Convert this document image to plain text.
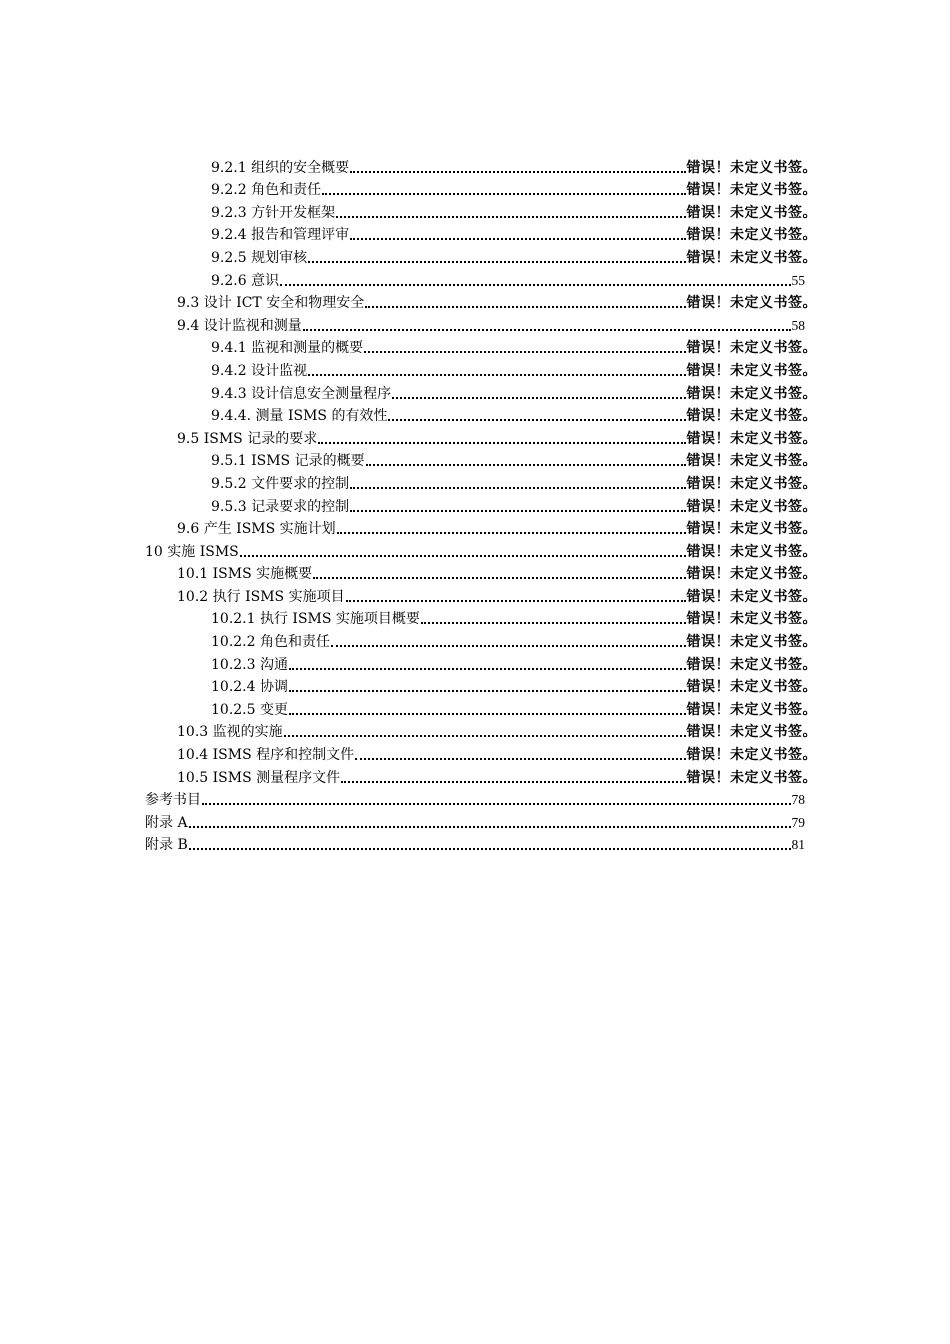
9.2.1 组织的安全概要	错误！未定义书签。
9.2.2 角色和责任	错误！未定义书签。
9.2.3 方针开发框架	错误！未定义书签。
9.2.4 报告和管理评审	错误！未定义书签。
9.2.5 规划审核	错误！未定义书签。
9.2.6 意识	55
9.3 设计 ICT 安全和物理安全	错误！未定义书签。
9.4 设计监视和测量	58
9.4.1 监视和测量的概要	错误！未定义书签。
9.4.2 设计监视	错误！未定义书签。
9.4.3 设计信息安全测量程序	错误！未定义书签。
9.4.4. 测量 ISMS 的有效性	错误！未定义书签。
9.5 ISMS 记录的要求	错误！未定义书签。
9.5.1 ISMS 记录的概要	错误！未定义书签。
9.5.2 文件要求的控制	错误！未定义书签。
9.5.3 记录要求的控制	错误！未定义书签。
9.6 产生 ISMS 实施计划	错误！未定义书签。
10 实施 ISMS	错误！未定义书签。
10.1 ISMS 实施概要	错误！未定义书签。
10.2 执行 ISMS 实施项目	错误！未定义书签。
10.2.1 执行 ISMS 实施项目概要	错误！未定义书签。
10.2.2 角色和责任	错误！未定义书签。
10.2.3 沟通	错误！未定义书签。
10.2.4 协调	错误！未定义书签。
10.2.5 变更	错误！未定义书签。
10.3 监视的实施	错误！未定义书签。
10.4 ISMS 程序和控制文件	错误！未定义书签。
10.5 ISMS 测量程序文件	错误！未定义书签。
参考书目	78
附录 A	79
附录 B	81
